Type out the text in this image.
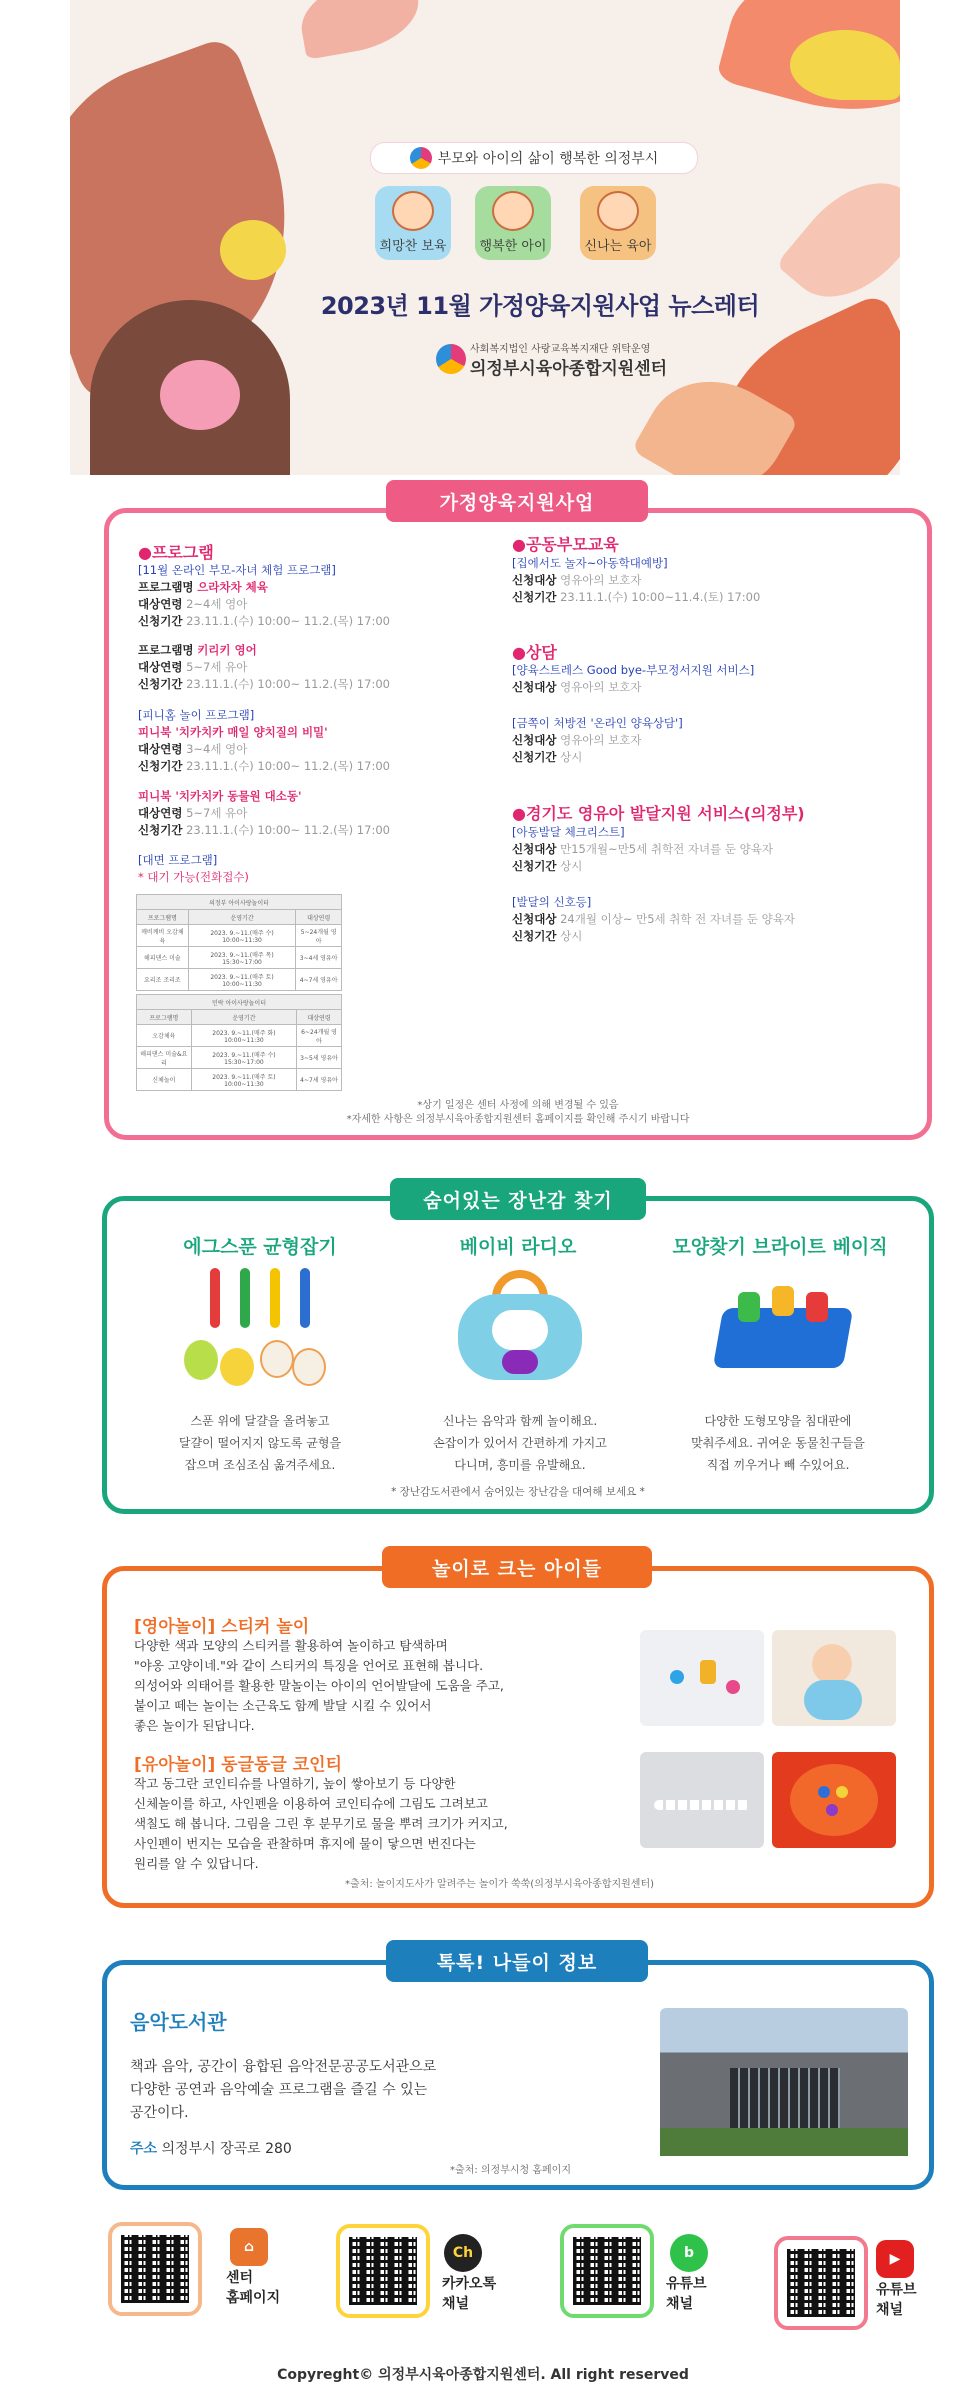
부모와 아이의 삶이 행복한 의정부시
희망찬 보육	행복한 아이	신나는 육아
2023년 11월 가정양육지원사업 뉴스레터
사회복지법인 사랑교육복지재단 위탁운영
의정부시육아종합지원센터
가정양육지원사업
●프로그램
[11월 온라인 부모-자녀 체험 프로그램]
프로그램명 으라차차 체육
대상연령 2~4세 영아
신청기간 23.11.1.(수) 10:00~ 11.2.(목) 17:00
프로그램명 키리키 영어
대상연령 5~7세 유아
신청기간 23.11.1.(수) 10:00~ 11.2.(목) 17:00
[피니홈 놀이 프로그램]
피니북 '치카치카 매일 양치질의 비밀'
대상연령 3~4세 영아
신청기간 23.11.1.(수) 10:00~ 11.2.(목) 17:00
피니북 '치카치카 동물원 대소동'
대상연령 5~7세 유아
신청기간 23.11.1.(수) 10:00~ 11.2.(목) 17:00
[대면 프로그램]
* 대기 가능(전화접수)
의정부 아이사랑놀이터		
프로그램명	운영기간	대상연령
깨비깨비 오감체육	2023. 9.~11.(매주 수) 10:00~11:30	5~24개월 영아
해피댄스 미술	2023. 9.~11.(매주 목) 15:30~17:00	3~4세 영유아
요리조 조리조	2023. 9.~11.(매주 토) 10:00~11:30	4~7세 영유아
민락 아이사랑놀이터		
프로그램명	운영기간	대상연령
오감체육	2023. 9.~11.(매주 화) 10:00~11:30	6~24개월 영아
해피댄스 미술&요리	2023. 9.~11.(매주 수) 15:30~17:00	3~5세 영유아
신체놀이	2023. 9.~11.(매주 토) 10:00~11:30	4~7세 영유아
●공동부모교육
[집에서도 놀자~아동학대예방]
신청대상 영유아의 보호자
신청기간 23.11.1.(수) 10:00~11.4.(토) 17:00
●상담
[양육스트레스 Good bye-부모정서지원 서비스]
신청대상 영유아의 보호자
[금쪽이 처방전 '온라인 양육상담']
신청대상 영유아의 보호자
신청기간 상시
●경기도 영유아 발달지원 서비스(의정부)
[아동발달 체크리스트]
신청대상 만15개월~만5세 취학전 자녀를 둔 양육자
신청기간 상시
[발달의 신호등]
신청대상 24개월 이상~ 만5세 취학 전 자녀를 둔 양육자
신청기간 상시
*상기 일정은 센터 사정에 의해 변경될 수 있음
*자세한 사항은 의정부시육아종합지원센터 홈페이지를 확인해 주시기 바랍니다
숨어있는 장난감 찾기
에그스푼 균형잡기	베이비 라디오	모양찾기 브라이트 베이직
스푼 위에 달걀을 올려놓고
달걀이 떨어지지 않도록 균형을
잡으며 조심조심 옮겨주세요.
신나는 음악과 함께 놀이해요.
손잡이가 있어서 간편하게 가지고
다니며, 흥미를 유발해요.
다양한 도형모양을 침대판에
맞춰주세요. 귀여운 동물친구들을
직접 끼우거나 빼 수있어요.
* 장난감도서관에서 숨어있는 장난감을 대여해 보세요 *
놀이로 크는 아이들
[영아놀이] 스티커 놀이
다양한 색과 모양의 스티커를 활용하여 놀이하고 탐색하며
"야옹 고양이네."와 같이 스티커의 특징을 언어로 표현해 봅니다.
의성어와 의태어를 활용한 말놀이는 아이의 언어발달에 도움을 주고,
붙이고 떼는 놀이는 소근육도 함께 발달 시킬 수 있어서
좋은 놀이가 된답니다.
[유아놀이] 동글동글 코인티
작고 동그란 코인티슈를 나열하기, 높이 쌓아보기 등 다양한
신체놀이를 하고, 사인펜을 이용하여 코인티슈에 그림도 그려보고
색칠도 해 봅니다. 그림을 그린 후 분무기로 물을 뿌려 크기가 커지고,
사인펜이 번지는 모습을 관찰하며 휴지에 물이 닿으면 번진다는
원리를 알 수 있답니다.
*출처: 놀이지도사가 알려주는 놀이가 쑥쑥(의정부시육아종합지원센터)
톡톡! 나들이 정보
음악도서관
책과 음악, 공간이 융합된 음악전문공공도서관으로
다양한 공연과 음악예술 프로그램을 즐길 수 있는
공간이다.
주소 의정부시 장곡로 280
*출처: 의정부시청 홈페이지
⌂
센터
홈페이지
Ch
카카오톡
채널
b
유튜브
채널
▶
유튜브
채널
Copyreght© 의정부시육아종합지원센터. All right reserved
